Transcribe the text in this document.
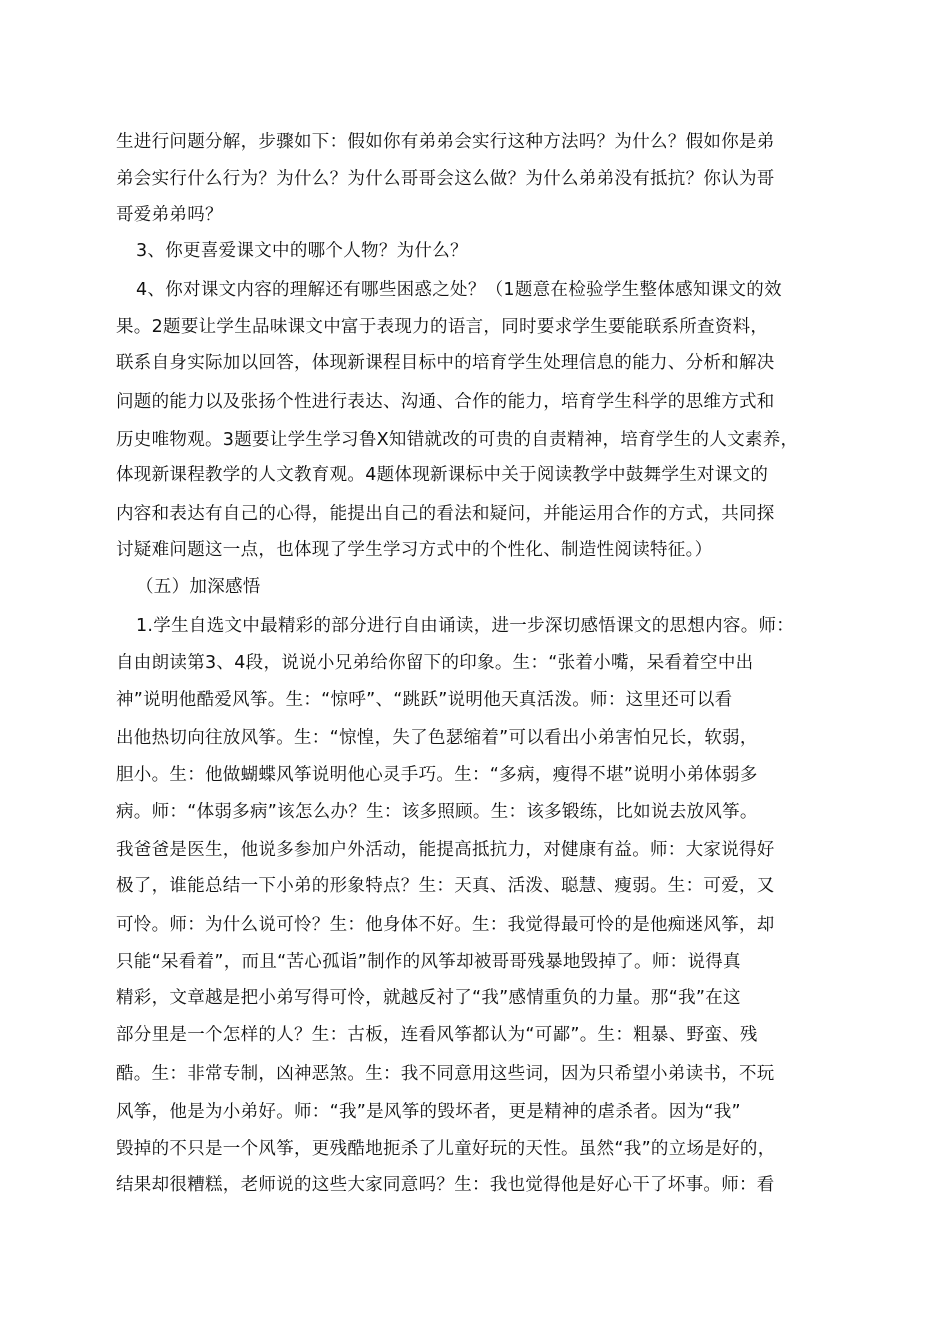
生进行问题分解，步骤如下：假如你有弟弟会实行这种方法吗？为什么？假如你是弟
弟会实行什么行为？为什么？为什么哥哥会这么做？为什么弟弟没有抵抗？你认为哥
哥爱弟弟吗？
3、你更喜爱课文中的哪个人物？为什么？
4、你对课文内容的理解还有哪些困惑之处？（1题意在检验学生整体感知课文的效
果。2题要让学生品味课文中富于表现力的语言，同时要求学生要能联系所查资料，
联系自身实际加以回答，体现新课程目标中的培育学生处理信息的能力、分析和解决
问题的能力以及张扬个性进行表达、沟通、合作的能力，培育学生科学的思维方式和
历史唯物观。3题要让学生学习鲁X知错就改的可贵的自责精神，培育学生的人文素养，
体现新课程教学的人文教育观。4题体现新课标中关于阅读教学中鼓舞学生对课文的
内容和表达有自己的心得，能提出自己的看法和疑问，并能运用合作的方式，共同探
讨疑难问题这一点，也体现了学生学习方式中的个性化、制造性阅读特征。）
（五）加深感悟
1.学生自选文中最精彩的部分进行自由诵读，进一步深切感悟课文的思想内容。师：
自由朗读第3、4段，说说小兄弟给你留下的印象。生：“张着小嘴，呆看着空中出
神”说明他酷爱风筝。生：“惊呼”、“跳跃”说明他天真活泼。师：这里还可以看
出他热切向往放风筝。生：“惊惶，失了色瑟缩着”可以看出小弟害怕兄长，软弱，
胆小。生：他做蝴蝶风筝说明他心灵手巧。生：“多病，瘦得不堪”说明小弟体弱多
病。师：“体弱多病”该怎么办？生：该多照顾。生：该多锻练，比如说去放风筝。
我爸爸是医生，他说多参加户外活动，能提高抵抗力，对健康有益。师：大家说得好
极了，谁能总结一下小弟的形象特点？生：天真、活泼、聪慧、瘦弱。生：可爱，又
可怜。师：为什么说可怜？生：他身体不好。生：我觉得最可怜的是他痴迷风筝，却
只能“呆看着”，而且“苦心孤诣”制作的风筝却被哥哥残暴地毁掉了。师：说得真
精彩，文章越是把小弟写得可怜，就越反衬了“我”感情重负的力量。那“我”在这
部分里是一个怎样的人？生：古板，连看风筝都认为“可鄙”。生：粗暴、野蛮、残
酷。生：非常专制，凶神恶煞。生：我不同意用这些词，因为只希望小弟读书，不玩
风筝，他是为小弟好。师：“我”是风筝的毁坏者，更是精神的虐杀者。因为“我”
毁掉的不只是一个风筝，更残酷地扼杀了儿童好玩的天性。虽然“我”的立场是好的，
结果却很糟糕，老师说的这些大家同意吗？生：我也觉得他是好心干了坏事。师：看
